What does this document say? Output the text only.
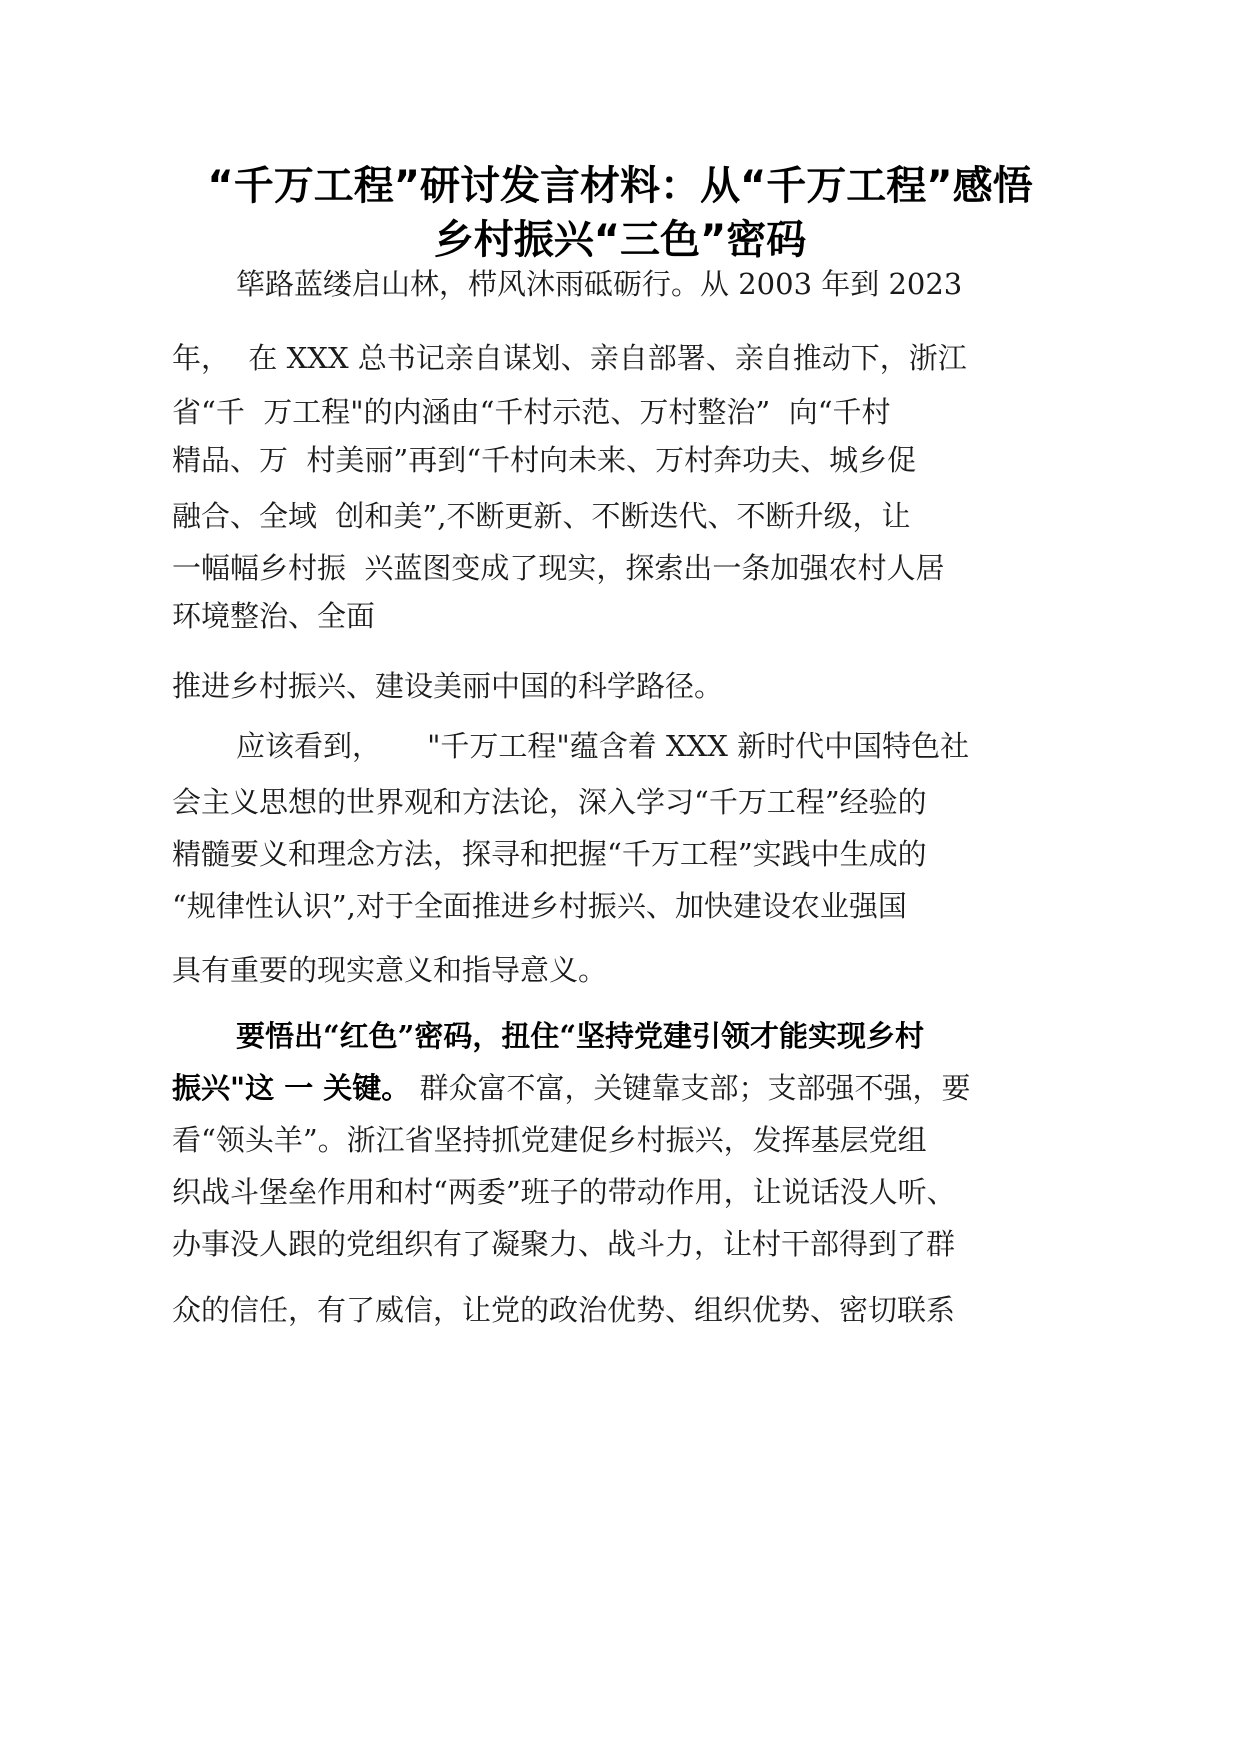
“千万工程”研讨发言材料：从“千万工程”感悟
乡村振兴“三色”密码

筚路蓝缕启山林，栉风沐雨砥砺行。从 2003 年到 2023

年，  在 XXX 总书记亲自谋划、亲自部署、亲自推动下，浙江

省“千  万工程"的内涵由“千村示范、万村整治”  向“千村

精品、万  村美丽”再到“千村向未来、万村奔功夫、城乡促

融合、全域  创和美”,不断更新、不断迭代、不断升级，让

一幅幅乡村振  兴蓝图变成了现实，探索出一条加强农村人居

环境整治、全面

推进乡村振兴、建设美丽中国的科学路径。

应该看到，     "千万工程"蕴含着 XXX 新时代中国特色社

会主义思想的世界观和方法论，深入学习“千万工程”经验的

精髓要义和理念方法，探寻和把握“千万工程”实践中生成的

“规律性认识”,对于全面推进乡村振兴、加快建设农业强国

具有重要的现实意义和指导意义。

要悟出“红色”密码，扭住“坚持党建引领才能实现乡村

振兴"这 一 关键。 群众富不富，关键靠支部；支部强不强，要

看“领头羊”。浙江省坚持抓党建促乡村振兴，发挥基层党组

织战斗堡垒作用和村“两委”班子的带动作用，让说话没人听、

办事没人跟的党组织有了凝聚力、战斗力，让村干部得到了群

众的信任，有了威信，让党的政治优势、组织优势、密切联系
